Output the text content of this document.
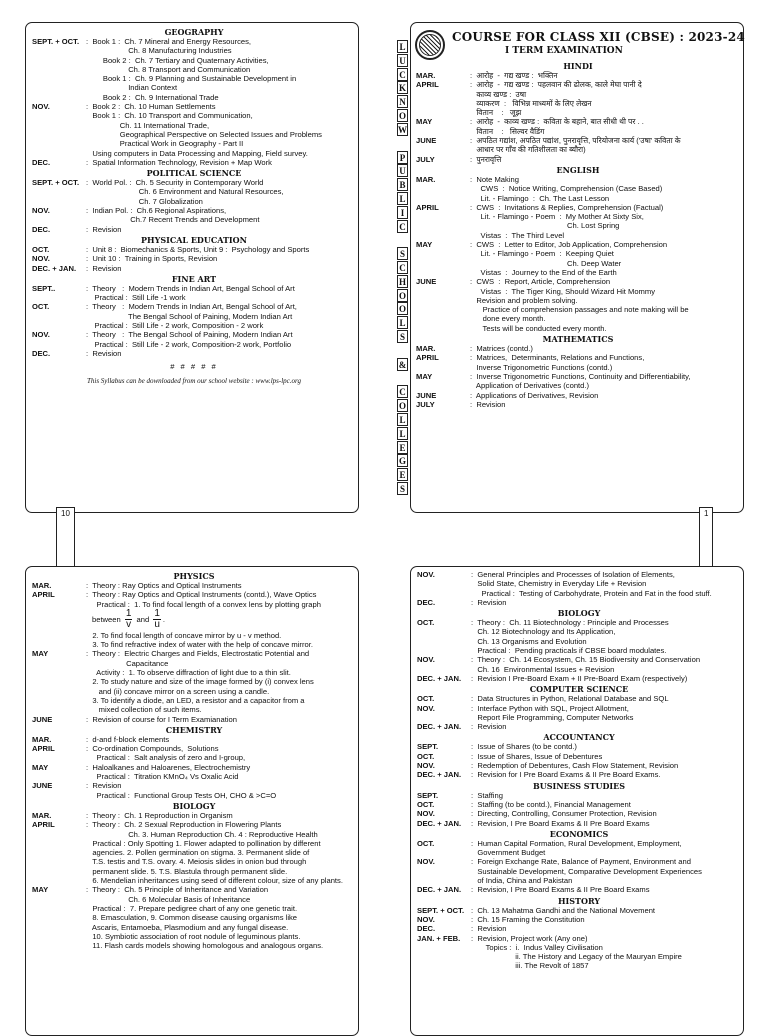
GEOGRAPHY
SEPT. + OCT. :  Book 1 :  Ch. 7 Mineral and Energy Resources,
Ch. 8 Manufacturing Industries
Book 2 :  Ch. 7 Tertiary and Quaternary Activities,
Ch. 8 Transport and Communication
Book 1 :  Ch. 9 Planning and Sustainable Development in
Indian Context
Book 2 :  Ch. 9 International Trade
NOV.	:  Book 2 :  Ch. 10 Human Settlements
Book 1 :  Ch. 10 Transport and Communication,
Ch. 11 International Trade,
Geographical Perspective on Selected Issues and Problems
Practical Work in Geography - Part II
Using computers in Data Processing and Mapping, Field survey.
DEC.	:  Spatial Information Technology, Revision + Map Work
POLITICAL SCIENCE
SEPT. + OCT. :  World Pol. :  Ch. 5 Security in Contemporary World
Ch. 6 Environment and Natural Resources,
Ch. 7 Globalization
NOV.	:  Indian Pol. :  Ch.6 Regional Aspirations,
Ch.7 Recent Trends and Development
DEC.	:  Revision
PHYSICAL EDUCATION
OCT.	:  Unit 8 :  Biomechanics & Sports, Unit 9 :  Psychology and Sports
NOV.	:  Unit 10 :  Training in Sports, Revision
DEC. + JAN.	:  Revision
FINE ART
SEPT..	:  Theory   :  Modern Trends in Indian Art, Bengal School of Art
Practical :  Still Life -1 work
OCT.	:  Theory   :  Modern Trends in Indian Art, Bengal School of Art,
The Bengal School of Paining, Modern Indian Art
Practical :  Still Life - 2 work, Composition - 2 work
NOV.	:  Theory   :  The Bengal School of Paining, Modern Indian Art
Practical :  Still Life - 2 work, Composition-2 work, Portfolio
DEC.	:  Revision
# # # # #
This Syllabus can be downloaded from our school website : www.lps-lpc.org
10
L
U
C
K
N
O
W
P
U
B
L
I
C
S
C
H
O
O
L
S
&
C
O
L
L
E
G
E
S
COURSE FOR CLASS XII (CBSE) : 2023-24
I TERM EXAMINATION
HINDI
MAR.	:  आरोह  -  गद्य खण्ड :  भक्तिन
APRIL	:  आरोह  -  गद्य खण्ड :  पहलवान की ढोलक, काले मेघा पानी दे
काव्य खण्ड :  उषा
व्याकरण  :   विभिन्न माध्यमों के लिए लेखन
वितान    :   जूझ
MAY	:  आरोह  -  काव्य खण्ड :  कविता के बहाने, बात सीधी थी पर . .
वितान    :   सिल्वर वैडिंग
JUNE	:  अपठित गद्यांश, अपठित पद्यांश, पुनरावृत्ति, परियोजना कार्य ('उषा' कविता के
आधार पर गाँव की गतिशीलता का ब्यौरा)
JULY	:  पुनरावृत्ति
ENGLISH
MAR.	:  Note Making
CWS  :  Notice Writing, Comprehension (Case Based)
Lit. - Flamingo  :  Ch. The Last Lesson
APRIL	:  CWS  :  Invitations & Replies, Comprehension (Factual)
Lit. - Flamingo - Poem  :  My Mother At Sixty Six,
Ch. Lost Spring
Vistas  :  The Third Level
MAY	:  CWS  :  Letter to Editor, Job Application, Comprehension
Lit. - Flamingo - Poem  :  Keeping Quiet
Ch. Deep Water
Vistas  :  Journey to the End of the Earth
JUNE	:  CWS  :  Report, Article, Comprehension
Vistas  :  The Tiger King, Should Wizard Hit Mommy
Revision and problem solving.
Practice of comprehension passages and note making will be
done every month.
Tests will be conducted every month.
MATHEMATICS
MAR.	:  Matrices (contd.)
APRIL	:  Matrices,  Determinants, Relations and Functions,
Inverse Trigonometric Functions (contd.)
MAY	:  Inverse Trigonometric Functions, Continuity and Differentiability,
Application of Derivatives (contd.)
JUNE	:  Applications of Derivatives, Revision
JULY	:  Revision
1
PHYSICS
MAR.	:  Theory : Ray Optics and Optical Instruments
APRIL	:  Theory : Ray Optics and Optical Instruments (contd.), Wave Optics
Practical :  1. To find focal length of a convex lens by plotting graph
between $\frac{1}{v}$ and $\frac{1}{u}$ .
2. To find focal length of concave mirror by u - v method.
3. To find refractive index of water with the help of concave mirror.
MAY	:  Theory :  Electric Charges and Fields, Electrostatic Potential and
Capacitance
Activity :  1. To observe diffraction of light due to a thin slit.
2. To study nature and size of the image formed by (i) convex lens
and (ii) concave mirror on a screen using a candle.
3. To identify a diode, an LED, a resistor and a capacitor from a
mixed collection of such items.
JUNE	:  Revision of course for I Term Examianation
CHEMISTRY
MAR.	:  d-and f-block elements
APRIL	:  Co-ordination Compounds,  Solutions
Practical :  Salt analysis of zero and I-group,
MAY	:  Haloalkanes and Haloarenes, Electrochemistry
Practical :  Titration KMnO₄ Vs Oxalic Acid
JUNE	:  Revision
Practical :  Functional Group Tests OH, CHO & >C=O
BIOLOGY
MAR.	:  Theory :  Ch. 1 Reproduction in Organism
APRIL	:  Theory :  Ch. 2 Sexual Reproduction in Flowering Plants
Ch. 3. Human Reproduction Ch. 4 : Reproductive Health
Practical : Only Spotting 1. Flower adapted to pollination by different
agencies. 2. Pollen germination on stigma. 3. Permanent slide of
T.S. testis and T.S. ovary. 4. Meiosis slides in onion bud through
permanent slide. 5. T.S. Blastula through permanent slide.
6. Mendelian inheritances using seed of different colour, size of any plants.
MAY	:  Theory :  Ch. 5 Principle of Inheritance and Variation
Ch. 6 Molecular Basis of Inheritance
Practical :  7. Prepare pedigree chart of any one genetic trait.
8. Emasculation, 9. Common disease causing organisms like
Ascaris, Entamoeba, Plasmodium and any fungal disease.
10. Symbiotic association of root nodule of leguminous plants.
11. Flash cards models showing homologous and analogous organs.
NOV.	:  General Principles and Processes of Isolation of Elements,
Solid State, Chemistry in Everyday Life + Revision
Practical :  Testing of Carbohydrate, Protein and Fat in the food stuff.
DEC.	:  Revision
BIOLOGY
OCT.	:  Theory :  Ch. 11 Biotechnology : Principle and Processes
Ch. 12 Biotechnology and Its Application,
Ch. 13 Organisms and Evolution
Practical :  Pending practicals if CBSE board modulates.
NOV.	:  Theory :  Ch. 14 Ecosystem, Ch. 15 Biodiversity and Conservation
Ch. 16  Environmental Issues + Revision
DEC. + JAN.	:  Revision I Pre-Board Exam + II Pre-Board Exam (respectively)
COMPUTER SCIENCE
OCT.	:  Data Structures in Python, Relational Database and SQL
NOV.	:  Interface Python with SQL, Project Allotment,
Report File Programming, Computer Networks
DEC. + JAN.	:  Revision
ACCOUNTANCY
SEPT.	:  Issue of Shares (to be contd.)
OCT.	:  Issue of Shares, Issue of Debentures
NOV.	:  Redemption of Debentures, Cash Flow Statement, Revision
DEC. + JAN.	:  Revision for I Pre Board Exams & II Pre Board Exams.
BUSINESS STUDIES
SEPT.	:  Staffing
OCT.	:  Staffing (to be contd.), Financial Management
NOV.	:  Directing, Controlling, Consumer Protection, Revision
DEC. + JAN.	:  Revision, I Pre Board Exams & II Pre Board Exams
ECONOMICS
OCT.	:  Human Capital Formation, Rural Development, Employment,
Government Budget
NOV.	:  Foreign Exchange Rate, Balance of Payment, Environment and
Sustainable Development, Comparative Development Experiences
of India, China and Pakistan
DEC. + JAN.	:  Revision, I Pre Board Exams & II Pre Board Exams
HISTORY
SEPT. + OCT. :  Ch. 13 Mahatma Gandhi and the National Movement
NOV.	:  Ch. 15 Framing the Constitution
DEC.	:  Revision
JAN. + FEB.	:  Revision, Project work (Any one)
Topics :  i.  Indus Valley Civilisation
ii. The History and Legacy of the Mauryan Empire
iii. The Revolt of 1857
